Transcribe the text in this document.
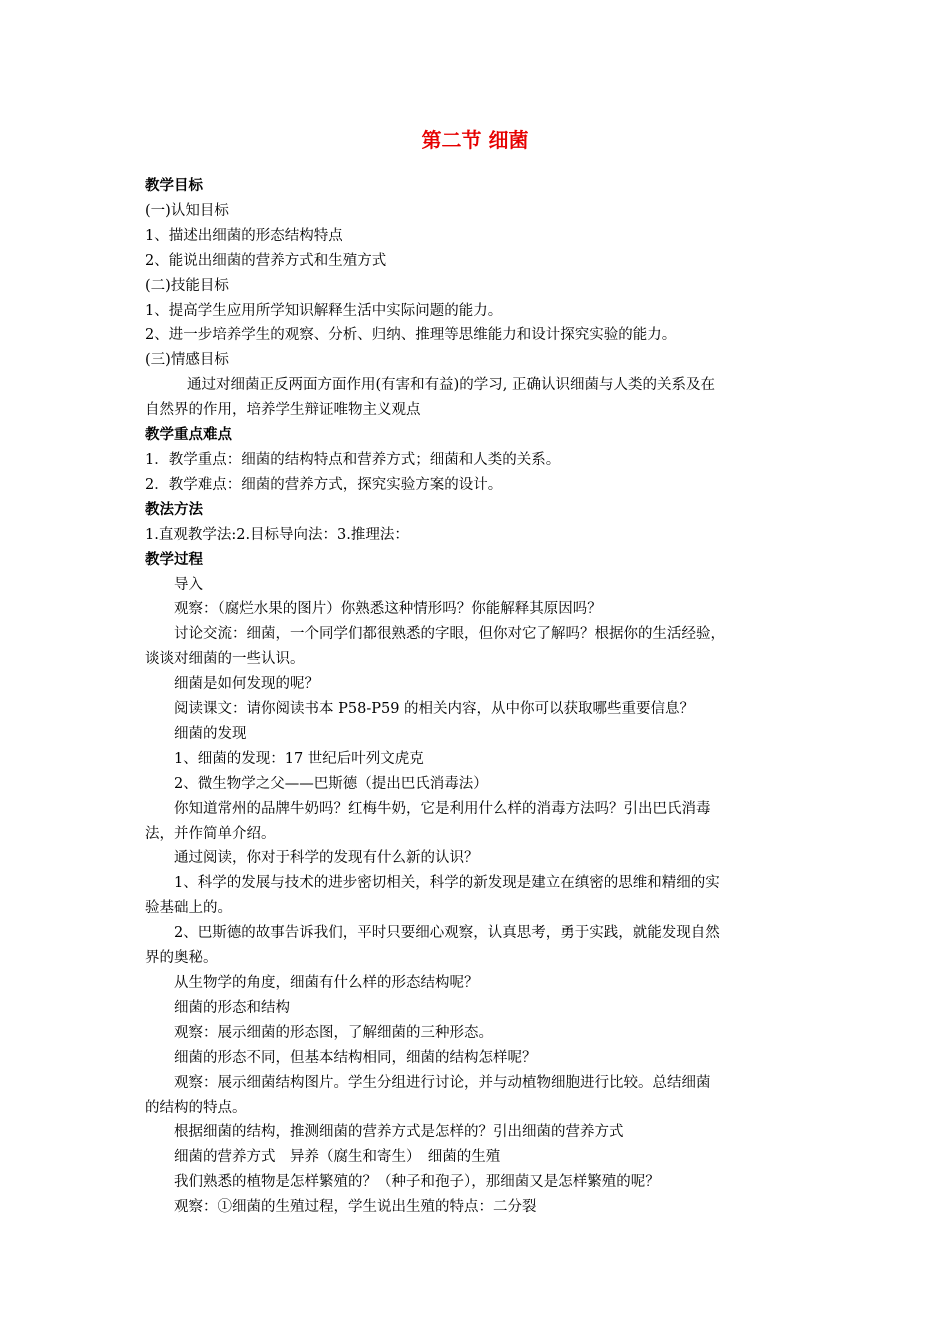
第二节 细菌
教学目标
(一)认知目标
1、描述出细菌的形态结构特点
2、能说出细菌的营养方式和生殖方式
(二)技能目标
1、提高学生应用所学知识解释生活中实际问题的能力。
2、进一步培养学生的观察、分析、归纳、推理等思维能力和设计探究实验的能力。
(三)情感目标
通过对细菌正反两面方面作用(有害和有益)的学习, 正确认识细菌与人类的关系及在
自然界的作用，培养学生辩证唯物主义观点
教学重点难点
1．教学重点：细菌的结构特点和营养方式；细菌和人类的关系。
2．教学难点：细菌的营养方式，探究实验方案的设计。
教法方法
1.直观教学法:2.目标导向法：3.推理法：
教学过程
导入
观察：（腐烂水果的图片）你熟悉这种情形吗？你能解释其原因吗？
讨论交流：细菌，一个同学们都很熟悉的字眼，但你对它了解吗？根据你的生活经验，
谈谈对细菌的一些认识。
细菌是如何发现的呢？
阅读课文：请你阅读书本 P58-P59 的相关内容，从中你可以获取哪些重要信息？
细菌的发现
1、细菌的发现：17 世纪后叶列文虎克
2、微生物学之父——巴斯德（提出巴氏消毒法）
你知道常州的品牌牛奶吗？红梅牛奶，它是利用什么样的消毒方法吗？引出巴氏消毒
法，并作简单介绍。
通过阅读，你对于科学的发现有什么新的认识？
1、科学的发展与技术的进步密切相关，科学的新发现是建立在缜密的思维和精细的实
验基础上的。
2、巴斯德的故事告诉我们，平时只要细心观察，认真思考，勇于实践，就能发现自然
界的奥秘。
从生物学的角度，细菌有什么样的形态结构呢？
细菌的形态和结构
观察：展示细菌的形态图，了解细菌的三种形态。
细菌的形态不同，但基本结构相同，细菌的结构怎样呢？
观察：展示细菌结构图片。学生分组进行讨论，并与动植物细胞进行比较。总结细菌
的结构的特点。
根据细菌的结构，推测细菌的营养方式是怎样的？引出细菌的营养方式
细菌的营养方式　异养（腐生和寄生）　细菌的生殖
我们熟悉的植物是怎样繁殖的？（种子和孢子），那细菌又是怎样繁殖的呢？
观察：①细菌的生殖过程，学生说出生殖的特点：二分裂
